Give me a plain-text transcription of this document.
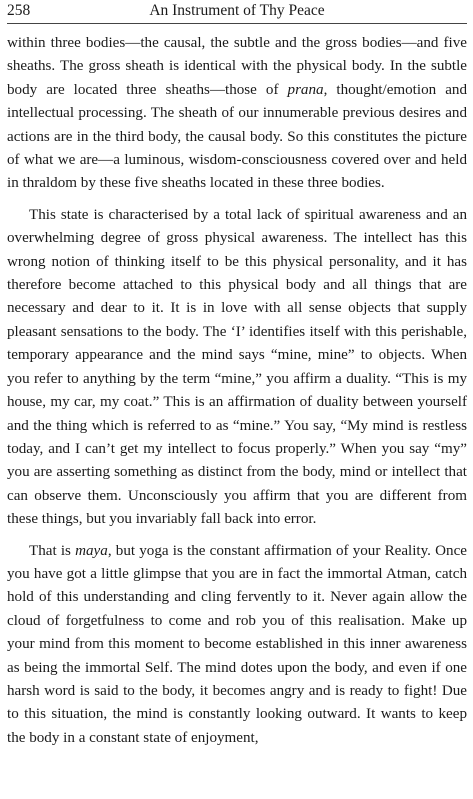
258	An Instrument of Thy Peace

within three bodies—the causal, the subtle and the gross bodies—and five sheaths. The gross sheath is identical with the physical body. In the subtle body are located three sheaths—those of prana, thought/emotion and intellectual processing. The sheath of our innumerable previous desires and actions are in the third body, the causal body. So this constitutes the picture of what we are—a luminous, wisdom-consciousness covered over and held in thraldom by these five sheaths located in these three bodies.

This state is characterised by a total lack of spiritual awareness and an overwhelming degree of gross physical awareness. The intellect has this wrong notion of thinking itself to be this physical personality, and it has therefore become attached to this physical body and all things that are necessary and dear to it. It is in love with all sense objects that supply pleasant sensations to the body. The ‘I’ identifies itself with this perishable, temporary appearance and the mind says “mine, mine” to objects. When you refer to anything by the term “mine,” you affirm a duality. “This is my house, my car, my coat.” This is an affirmation of duality between yourself and the thing which is referred to as “mine.” You say, “My mind is restless today, and I can’t get my intellect to focus properly.” When you say “my” you are asserting something as distinct from the body, mind or intellect that can observe them. Unconsciously you affirm that you are different from these things, but you invariably fall back into error.

That is maya, but yoga is the constant affirmation of your Reality. Once you have got a little glimpse that you are in fact the immortal Atman, catch hold of this understanding and cling fervently to it. Never again allow the cloud of forgetfulness to come and rob you of this realisation. Make up your mind from this moment to become established in this inner awareness as being the immortal Self. The mind dotes upon the body, and even if one harsh word is said to the body, it becomes angry and is ready to fight! Due to this situation, the mind is constantly looking outward. It wants to keep the body in a constant state of enjoyment,
